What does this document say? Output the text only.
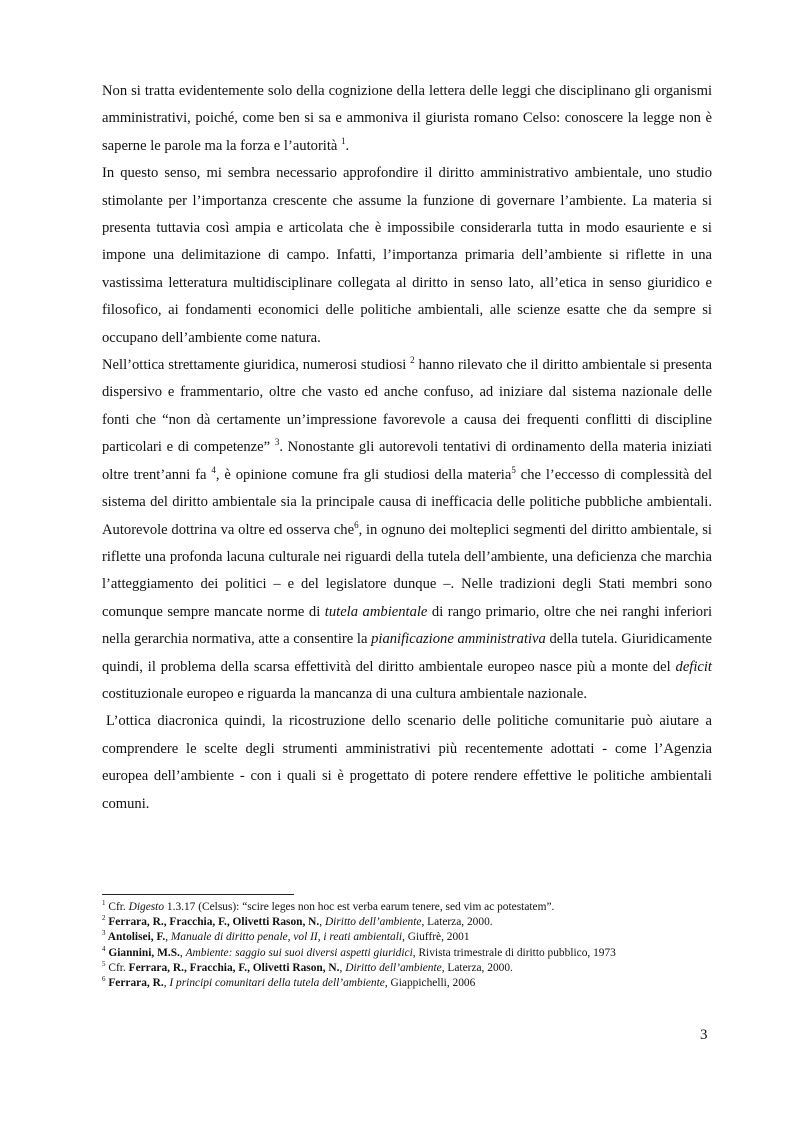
Non si tratta evidentemente solo della cognizione della lettera delle leggi che disciplinano gli organismi amministrativi, poiché, come ben si sa e ammoniva il giurista romano Celso: conoscere la legge non è saperne le parole ma la forza e l’autorità $^1$.

In questo senso, mi sembra necessario approfondire il diritto amministrativo ambientale, uno studio stimolante per l’importanza crescente che assume la funzione di governare l’ambiente. La materia si presenta tuttavia così ampia e articolata che è impossibile considerarla tutta in modo esauriente e si impone una delimitazione di campo. Infatti, l’importanza primaria dell’ambiente si riflette in una vastissima letteratura multidisciplinare collegata al diritto in senso lato, all’etica in senso giuridico e filosofico, ai fondamenti economici delle politiche ambientali, alle scienze esatte che da sempre si occupano dell’ambiente come natura.

Nell’ottica strettamente giuridica, numerosi studiosi $^2$ hanno rilevato che il diritto ambientale si presenta dispersivo e frammentario, oltre che vasto ed anche confuso, ad iniziare dal sistema nazionale delle fonti che “non dà certamente un’impressione favorevole a causa dei frequenti conflitti di discipline particolari e di competenze” $^3$. Nonostante gli autorevoli tentativi di ordinamento della materia iniziati oltre trent’anni fa $^4$, è opinione comune fra gli studiosi della materia$^5$ che l’eccesso di complessità del sistema del diritto ambientale sia la principale causa di inefficacia delle politiche pubbliche ambientali. Autorevole dottrina va oltre ed osserva che$^6$, in ognuno dei molteplici segmenti del diritto ambientale, si riflette una profonda lacuna culturale nei riguardi della tutela dell’ambiente, una deficienza che marchia l’atteggiamento dei politici – e del legislatore dunque –. Nelle tradizioni degli Stati membri sono comunque sempre mancate norme di tutela ambientale di rango primario, oltre che nei ranghi inferiori nella gerarchia normativa, atte a consentire la pianificazione amministrativa della tutela. Giuridicamente quindi, il problema della scarsa effettività del diritto ambientale europeo nasce più a monte del deficit costituzionale europeo e riguarda la mancanza di una cultura ambientale nazionale.

L’ottica diacronica quindi, la ricostruzione dello scenario delle politiche comunitarie può aiutare a comprendere le scelte degli strumenti amministrativi più recentemente adottati - come l’Agenzia europea dell’ambiente - con i quali si è progettato di potere rendere effettive le politiche ambientali comuni.

$^1$ Cfr. Digesto 1.3.17 (Celsus): “scire leges non hoc est verba earum tenere, sed vim ac potestatem”.
$^2$ Ferrara, R., Fracchia, F., Olivetti Rason, N., Diritto dell’ambiente, Laterza, 2000.
$^3$ Antolisei, F., Manuale di diritto penale, vol II, i reati ambientali, Giuffrè, 2001
$^4$ Giannini, M.S., Ambiente: saggio sui suoi diversi aspetti giuridici, Rivista trimestrale di diritto pubblico, 1973
$^5$ Cfr. Ferrara, R., Fracchia, F., Olivetti Rason, N., Diritto dell’ambiente, Laterza, 2000.
$^6$ Ferrara, R., I principi comunitari della tutela dell’ambiente, Giappichelli, 2006
3
